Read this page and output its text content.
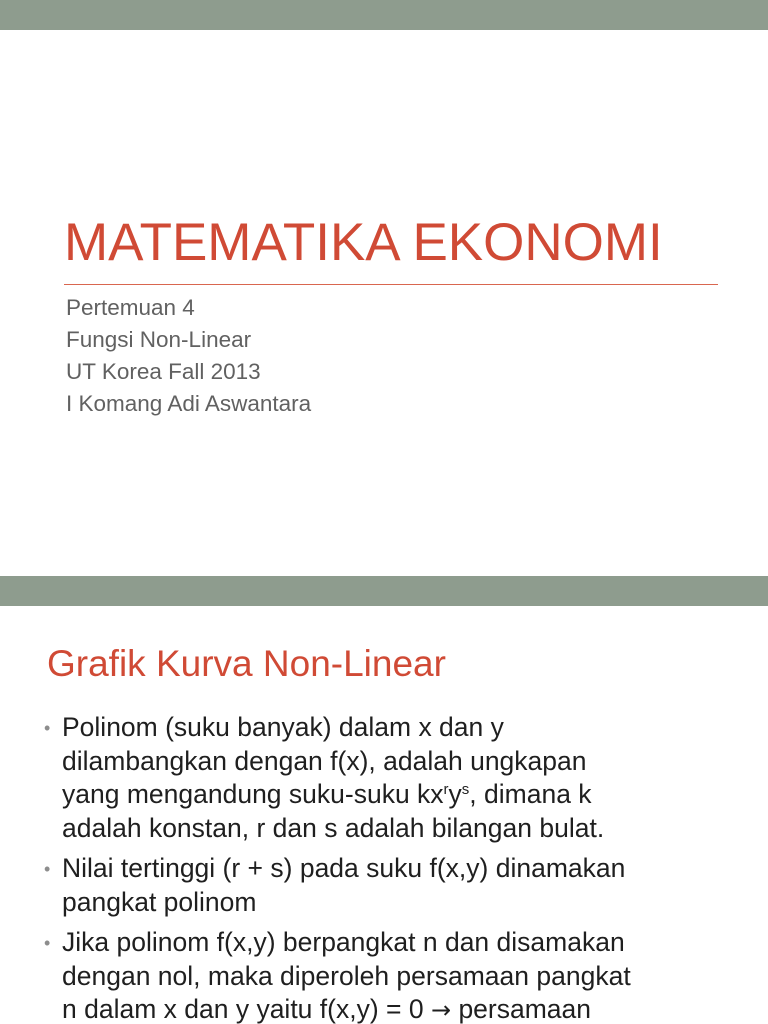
MATEMATIKA EKONOMI
Pertemuan 4
Fungsi Non-Linear
UT Korea Fall 2013
I Komang Adi Aswantara
Grafik Kurva Non-Linear
• Polinom (suku banyak) dalam x dan y
dilambangkan dengan f(x), adalah ungkapan
yang mengandung suku-suku $kx^ry^s$, dimana k
adalah konstan, r dan s adalah bilangan bulat.
• Nilai tertinggi (r + s) pada suku f(x,y) dinamakan
pangkat polinom
• Jika polinom f(x,y) berpangkat n dan disamakan
dengan nol, maka diperoleh persamaan pangkat
n dalam x dan y yaitu f(x,y) = 0 → persamaan
